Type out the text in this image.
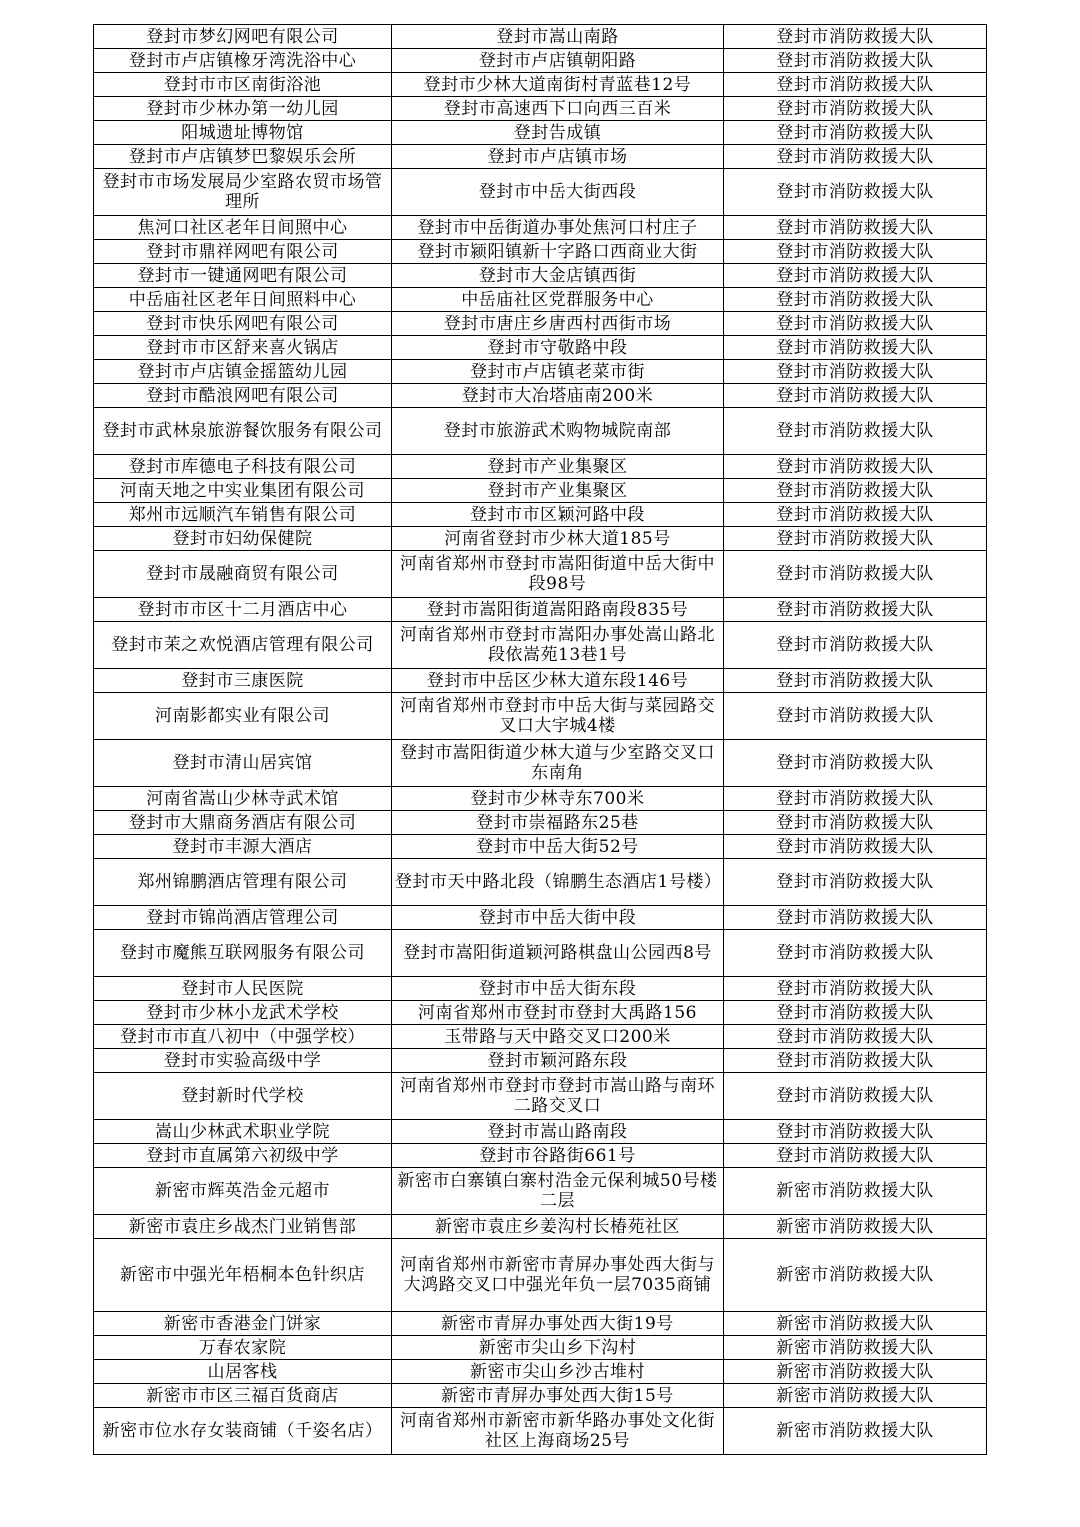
登封市梦幻网吧有限公司	登封市嵩山南路	登封市消防救援大队
登封市卢店镇橡牙湾洗浴中心	登封市卢店镇朝阳路	登封市消防救援大队
登封市市区南街浴池	登封市少林大道南街村青蓝巷12号	登封市消防救援大队
登封市少林办第一幼儿园	登封市高速西下口向西三百米	登封市消防救援大队
阳城遗址博物馆	登封告成镇	登封市消防救援大队
登封市卢店镇梦巴黎娱乐会所	登封市卢店镇市场	登封市消防救援大队
登封市市场发展局少室路农贸市场管理所	登封市中岳大街西段	登封市消防救援大队
焦河口社区老年日间照中心	登封市中岳街道办事处焦河口村庄子	登封市消防救援大队
登封市鼎祥网吧有限公司	登封市颍阳镇新十字路口西商业大街	登封市消防救援大队
登封市一键通网吧有限公司	登封市大金店镇西街	登封市消防救援大队
中岳庙社区老年日间照料中心	中岳庙社区党群服务中心	登封市消防救援大队
登封市快乐网吧有限公司	登封市唐庄乡唐西村西街市场	登封市消防救援大队
登封市市区舒来喜火锅店	登封市守敬路中段	登封市消防救援大队
登封市卢店镇金摇篮幼儿园	登封市卢店镇老菜市街	登封市消防救援大队
登封市酷浪网吧有限公司	登封市大冶塔庙南200米	登封市消防救援大队
登封市武林泉旅游餐饮服务有限公司	登封市旅游武术购物城院南部	登封市消防救援大队
登封市库德电子科技有限公司	登封市产业集聚区	登封市消防救援大队
河南天地之中实业集团有限公司	登封市产业集聚区	登封市消防救援大队
郑州市远顺汽车销售有限公司	登封市市区颖河路中段	登封市消防救援大队
登封市妇幼保健院	河南省登封市少林大道185号	登封市消防救援大队
登封市晟融商贸有限公司	河南省郑州市登封市嵩阳街道中岳大街中段98号	登封市消防救援大队
登封市市区十二月酒店中心	登封市嵩阳街道嵩阳路南段835号	登封市消防救援大队
登封市茉之欢悦酒店管理有限公司	河南省郑州市登封市嵩阳办事处嵩山路北段依嵩苑13巷1号	登封市消防救援大队
登封市三康医院	登封市中岳区少林大道东段146号	登封市消防救援大队
河南影都实业有限公司	河南省郑州市登封市中岳大街与菜园路交叉口大宇城4楼	登封市消防救援大队
登封市清山居宾馆	登封市嵩阳街道少林大道与少室路交叉口东南角	登封市消防救援大队
河南省嵩山少林寺武术馆	登封市少林寺东700米	登封市消防救援大队
登封市大鼎商务酒店有限公司	登封市崇福路东25巷	登封市消防救援大队
登封市丰源大酒店	登封市中岳大街52号	登封市消防救援大队
郑州锦鹏酒店管理有限公司	登封市天中路北段（锦鹏生态酒店1号楼）	登封市消防救援大队
登封市锦尚酒店管理公司	登封市中岳大街中段	登封市消防救援大队
登封市魔熊互联网服务有限公司	登封市嵩阳街道颖河路棋盘山公园西8号	登封市消防救援大队
登封市人民医院	登封市中岳大街东段	登封市消防救援大队
登封市少林小龙武术学校	河南省郑州市登封市登封大禹路156	登封市消防救援大队
登封市市直八初中（中强学校）	玉带路与天中路交叉口200米	登封市消防救援大队
登封市实验高级中学	登封市颖河路东段	登封市消防救援大队
登封新时代学校	河南省郑州市登封市登封市嵩山路与南环二路交叉口	登封市消防救援大队
嵩山少林武术职业学院	登封市嵩山路南段	登封市消防救援大队
登封市直属第六初级中学	登封市谷路街661号	登封市消防救援大队
新密市辉英浩金元超市	新密市白寨镇白寨村浩金元保利城50号楼二层	新密市消防救援大队
新密市袁庄乡战杰门业销售部	新密市袁庄乡姜沟村长椿苑社区	新密市消防救援大队
新密市中强光年梧桐本色针织店	河南省郑州市新密市青屏办事处西大街与大鸿路交叉口中强光年负一层7035商铺	新密市消防救援大队
新密市香港金门饼家	新密市青屏办事处西大街19号	新密市消防救援大队
万春农家院	新密市尖山乡下沟村	新密市消防救援大队
山居客栈	新密市尖山乡沙古堆村	新密市消防救援大队
新密市市区三福百货商店	新密市青屏办事处西大街15号	新密市消防救援大队
新密市位水存女装商铺（千姿名店）	河南省郑州市新密市新华路办事处文化街社区上海商场25号	新密市消防救援大队
